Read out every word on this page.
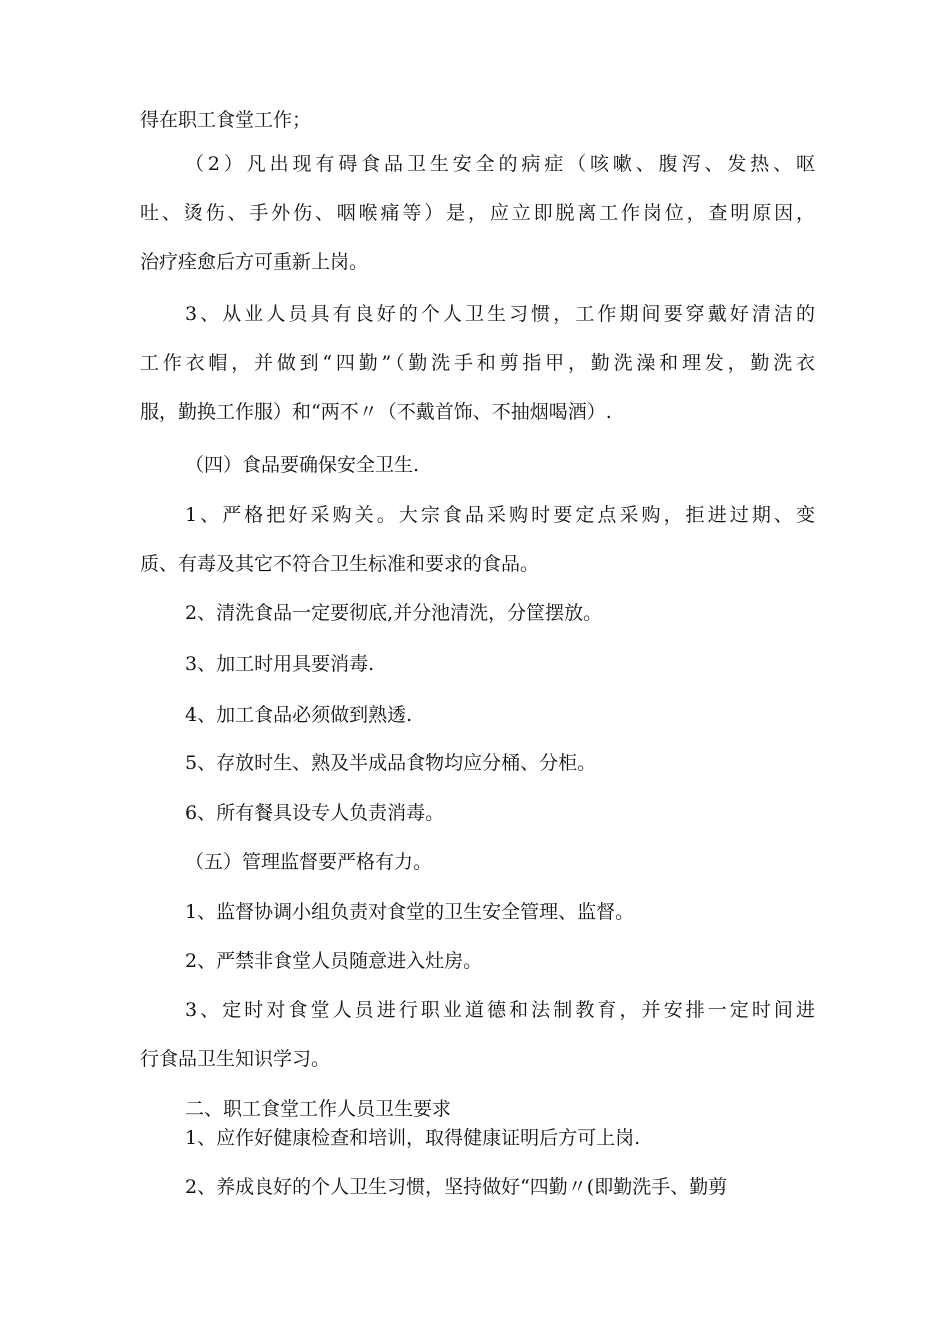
得在职工食堂工作；
（2）凡出现有碍食品卫生安全的病症（咳嗽、腹泻、发热、呕
吐、烫伤、手外伤、咽喉痛等）是，应立即脱离工作岗位，查明原因，
治疗痊愈后方可重新上岗。
3、从业人员具有良好的个人卫生习惯，工作期间要穿戴好清洁的
工作衣帽，并做到“四勤”（勤洗手和剪指甲，勤洗澡和理发，勤洗衣
服，勤换工作服）和“两不〃（不戴首饰、不抽烟喝酒）.
（四）食品要确保安全卫生.
1、严格把好采购关。大宗食品采购时要定点采购，拒进过期、变
质、有毒及其它不符合卫生标准和要求的食品。
2、清洗食品一定要彻底,并分池清洗，分筐摆放。
3、加工时用具要消毒.
4、加工食品必须做到熟透.
5、存放时生、熟及半成品食物均应分桶、分柜。
6、所有餐具设专人负责消毒。
（五）管理监督要严格有力。
1、监督协调小组负责对食堂的卫生安全管理、监督。
2、严禁非食堂人员随意进入灶房。
3、定时对食堂人员进行职业道德和法制教育，并安排一定时间进
行食品卫生知识学习。
二、职工食堂工作人员卫生要求
1、应作好健康检查和培训，取得健康证明后方可上岗.
2、养成良好的个人卫生习惯，坚持做好“四勤〃(即勤洗手、勤剪
